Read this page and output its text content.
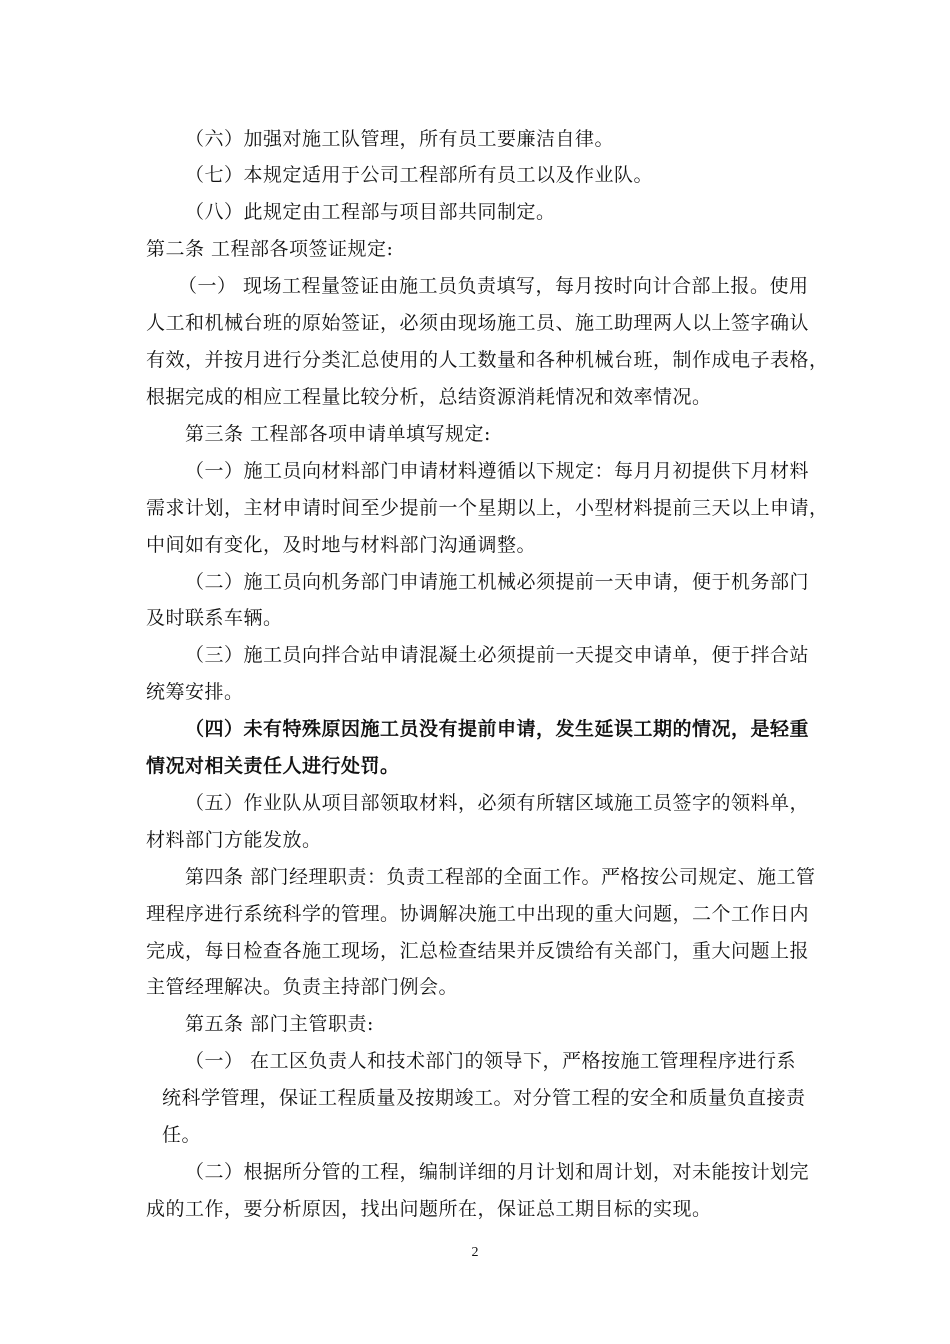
（六）加强对施工队管理，所有员工要廉洁自律。
（七）本规定适用于公司工程部所有员工以及作业队。
（八）此规定由工程部与项目部共同制定。
第二条 工程部各项签证规定:
（一） 现场工程量签证由施工员负责填写，每月按时向计合部上报。使用
人工和机械台班的原始签证，必须由现场施工员、施工助理两人以上签字确认
有效，并按月进行分类汇总使用的人工数量和各种机械台班，制作成电子表格，
根据完成的相应工程量比较分析，总结资源消耗情况和效率情况。
第三条 工程部各项申请单填写规定:
（一）施工员向材料部门申请材料遵循以下规定：每月月初提供下月材料
需求计划，主材申请时间至少提前一个星期以上，小型材料提前三天以上申请，
中间如有变化，及时地与材料部门沟通调整。
（二）施工员向机务部门申请施工机械必须提前一天申请，便于机务部门
及时联系车辆。
（三）施工员向拌合站申请混凝土必须提前一天提交申请单，便于拌合站
统筹安排。
（四）未有特殊原因施工员没有提前申请，发生延误工期的情况，是轻重
情况对相关责任人进行处罚。
（五）作业队从项目部领取材料，必须有所辖区域施工员签字的领料单，
材料部门方能发放。
第四条 部门经理职责：负责工程部的全面工作。严格按公司规定、施工管
理程序进行系统科学的管理。协调解决施工中出现的重大问题，二个工作日内
完成，每日检查各施工现场，汇总检查结果并反馈给有关部门，重大问题上报
主管经理解决。负责主持部门例会。
第五条 部门主管职责:
（一） 在工区负责人和技术部门的领导下，严格按施工管理程序进行系
统科学管理，保证工程质量及按期竣工。对分管工程的安全和质量负直接责
任。
（二）根据所分管的工程，编制详细的月计划和周计划，对未能按计划完
成的工作，要分析原因，找出问题所在，保证总工期目标的实现。
2
